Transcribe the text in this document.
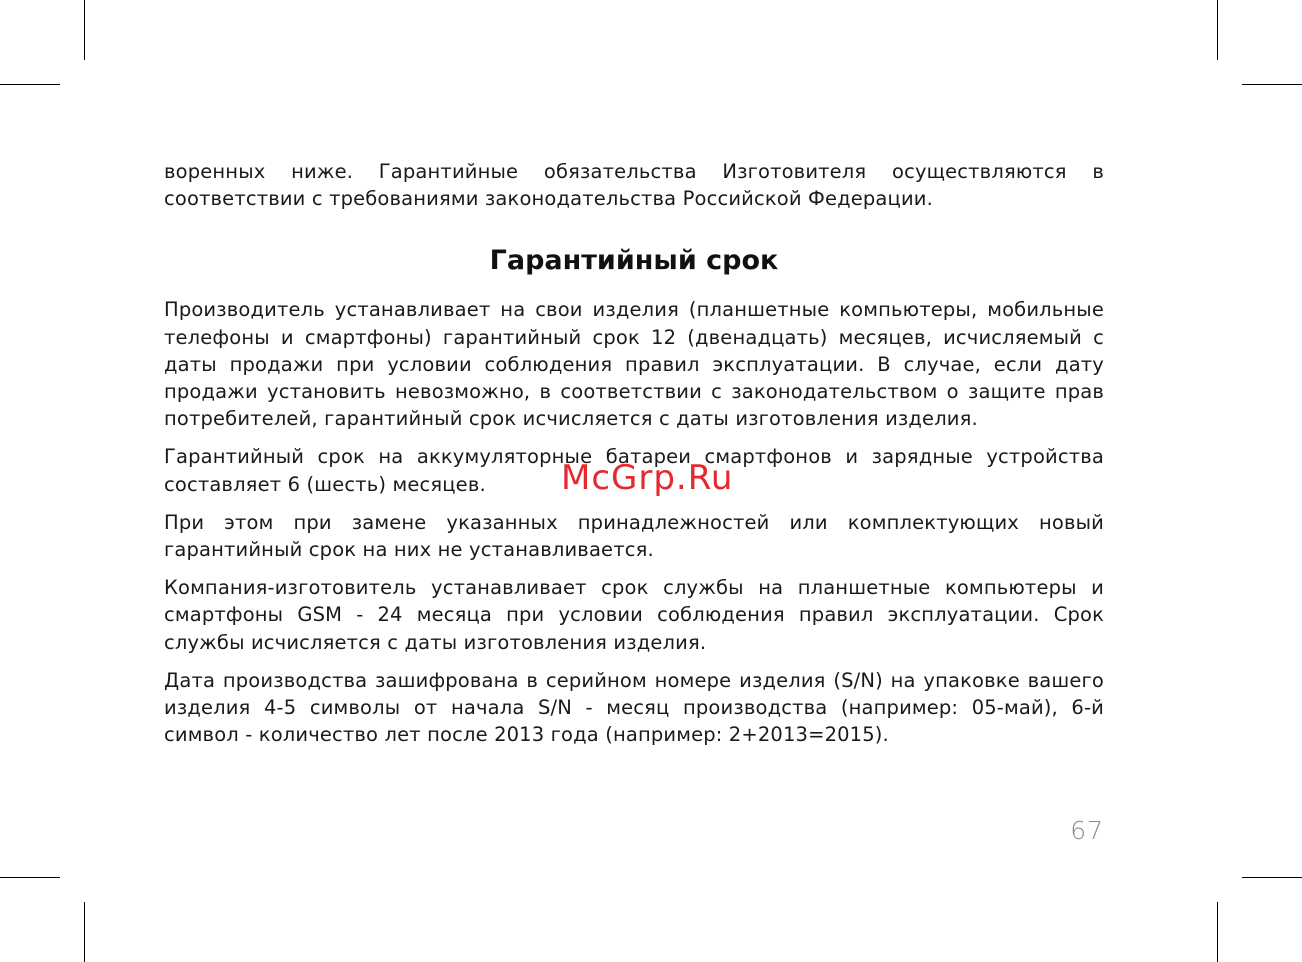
воренных ниже. Гарантийные обязательства Изготовителя осуществляются в соответствии с требованиями законодательства Российской Федерации.

Гарантийный срок

Производитель устанавливает на свои изделия (планшетные компьютеры, мобильные телефоны и смартфоны) гарантийный срок 12 (двенадцать) месяцев, исчисляемый с даты продажи при условии соблюдения правил эксплуатации. В случае, если дату продажи установить невозможно, в соответствии с законодательством о защите прав потребителей, гарантийный срок исчисляется с даты изготовления изделия.

Гарантийный срок на аккумуляторные батареи смартфонов и зарядные устройства составляет 6 (шесть) месяцев.

При этом при замене указанных принадлежностей или комплектующих новый гарантийный срок на них не устанавливается.

Компания-изготовитель устанавливает срок службы на планшетные компьютеры и смартфоны GSM - 24 месяца при условии соблюдения правил эксплуатации. Срок службы исчисляется с даты изготовления изделия.

Дата производства зашифрована в серийном номере изделия (S/N) на упаковке вашего изделия 4-5 символы от начала S/N - месяц производства (например: 05-май), 6-й символ - количество лет после 2013 года (например: 2+2013=2015).

McGrp.Ru
67
